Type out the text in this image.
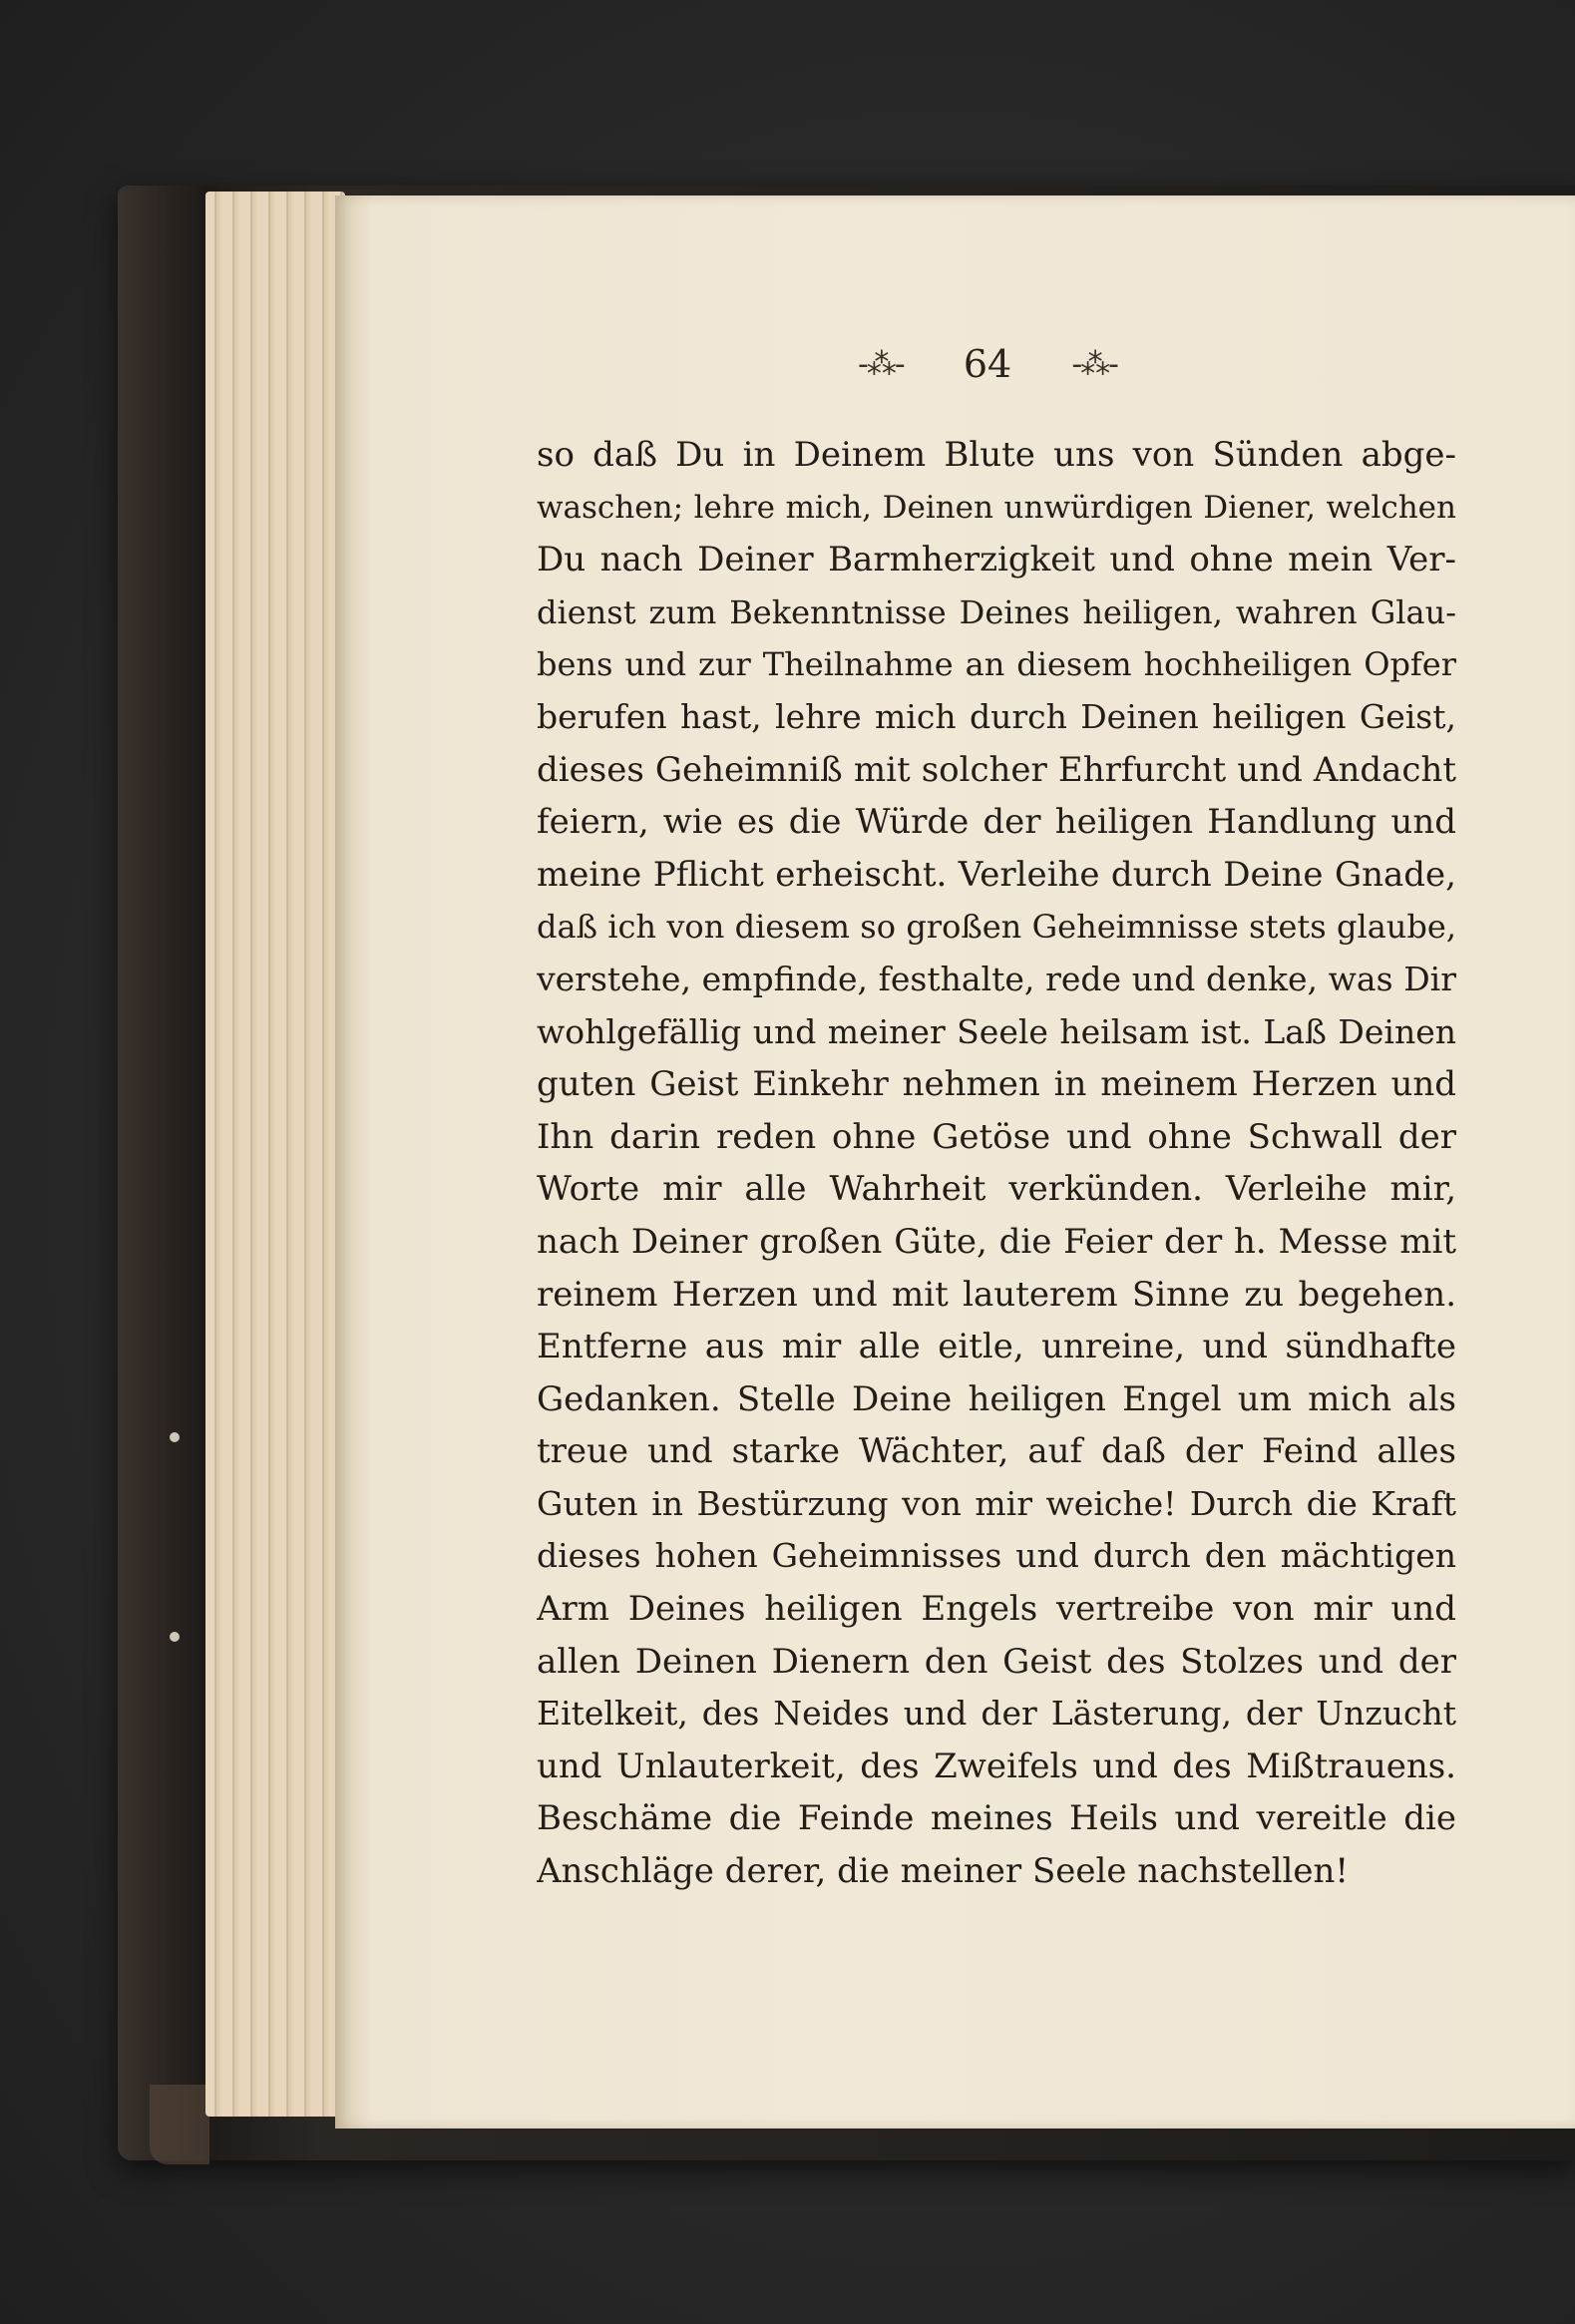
-⁂- 64 -⁂-
so daß Du in Deinem Blute uns von Sünden abge-
waschen; lehre mich, Deinen unwürdigen Diener, welchen
Du nach Deiner Barmherzigkeit und ohne mein Ver-
dienst zum Bekenntnisse Deines heiligen, wahren Glau-
bens und zur Theilnahme an diesem hochheiligen Opfer
berufen hast, lehre mich durch Deinen heiligen Geist,
dieses Geheimniß mit solcher Ehrfurcht und Andacht
feiern, wie es die Würde der heiligen Handlung und
meine Pflicht erheischt. Verleihe durch Deine Gnade,
daß ich von diesem so großen Geheimnisse stets glaube,
verstehe, empfinde, festhalte, rede und denke, was Dir
wohlgefällig und meiner Seele heilsam ist. Laß Deinen
guten Geist Einkehr nehmen in meinem Herzen und
Ihn darin reden ohne Getöse und ohne Schwall der
Worte mir alle Wahrheit verkünden. Verleihe mir,
nach Deiner großen Güte, die Feier der h. Messe mit
reinem Herzen und mit lauterem Sinne zu begehen.
Entferne aus mir alle eitle, unreine, und sündhafte
Gedanken. Stelle Deine heiligen Engel um mich als
treue und starke Wächter, auf daß der Feind alles
Guten in Bestürzung von mir weiche! Durch die Kraft
dieses hohen Geheimnisses und durch den mächtigen
Arm Deines heiligen Engels vertreibe von mir und
allen Deinen Dienern den Geist des Stolzes und der
Eitelkeit, des Neides und der Lästerung, der Unzucht
und Unlauterkeit, des Zweifels und des Mißtrauens.
Beschäme die Feinde meines Heils und vereitle die
Anschläge derer, die meiner Seele nachstellen!
